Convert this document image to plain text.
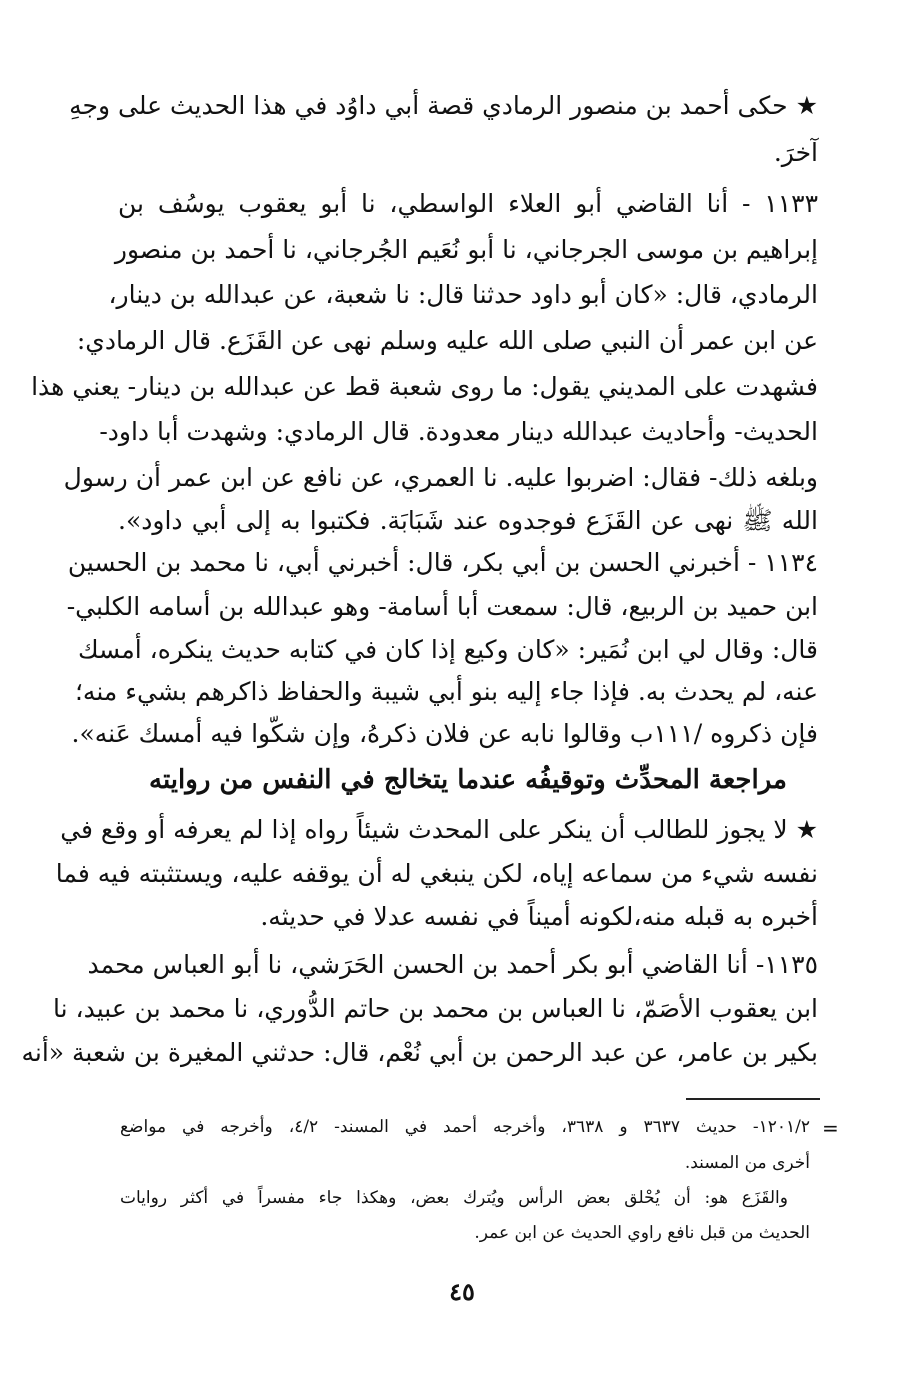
★ حكى أحمد بن منصور الرمادي قصة أبي داوُد في هذا الحديث على وجهِ
آخرَ.
١١٣٣ - أنا القاضي أبو العلاء الواسطي، نا أبو يعقوب يوسُف بن
إبراهيم بن موسى الجرجاني، نا أبو نُعَيم الجُرجاني، نا أحمد بن منصور
الرمادي، قال: «كان أبو داود حدثنا قال: نا شعبة، عن عبدالله بن دينار،
عن ابن عمر أن النبي صلى الله عليه وسلم نهى عن القَزَع. قال الرمادي:
فشهدت على المديني يقول: ما روى شعبة قط عن عبدالله بن دينار- يعني هذا
الحديث- وأحاديث عبدالله دينار معدودة. قال الرمادي: وشهدت أبا داود-
وبلغه ذلك- فقال: اضربوا عليه. نا العمري، عن نافع عن ابن عمر أن رسول
الله ﷺ نهى عن القَزَع فوجدوه عند شَبَابَة. فكتبوا به إلى أبي داود».
١١٣٤ - أخبرني الحسن بن أبي بكر، قال: أخبرني أبي، نا محمد بن الحسين
ابن حميد بن الربيع، قال: سمعت أبا أسامة- وهو عبدالله بن أسامه الكلبي-
قال: وقال لي ابن نُمَير: «كان وكيع إذا كان في كتابه حديث ينكره، أمسك
عنه، لم يحدث به. فإذا جاء إليه بنو أبي شيبة والحفاظ ذاكرهم بشيء منه؛
فإن ذكروه /١١١ب وقالوا نابه عن فلان ذكرهُ، وإن شكّوا فيه أمسك عَنه».
مراجعة المحدِّث وتوقيفُه عندما يتخالج في النفس من روايته
★ لا يجوز للطالب أن ينكر على المحدث شيئاً رواه إذا لم يعرفه أو وقع في
نفسه شيء من سماعه إياه، لكن ينبغي له أن يوقفه عليه، ويستثبته فيه فما
أخبره به قبله منه،لكونه أميناً في نفسه عدلا في حديثه.
١١٣٥- أنا القاضي أبو بكر أحمد بن الحسن الحَرَشي، نا أبو العباس محمد
ابن يعقوب الأصَمّ، نا العباس بن محمد بن حاتم الدُّوري، نا محمد بن عبيد، نا
بكير بن عامر، عن عبد الرحمن بن أبي نُعْم، قال: حدثني المغيرة بن شعبة «أنه
=
١٢٠١/٢- حديث ٣٦٣٧ و ٣٦٣٨، وأخرجه أحمد في المسند- ٤/٢، وأخرجه في مواضع
أخرى من المسند.
والقَزَع هو: أن يُحْلق بعض الرأس ويُترك بعض، وهكذا جاء مفسراً في أكثر روايات
الحديث من قبل نافع راوي الحديث عن ابن عمر.
٤٥
